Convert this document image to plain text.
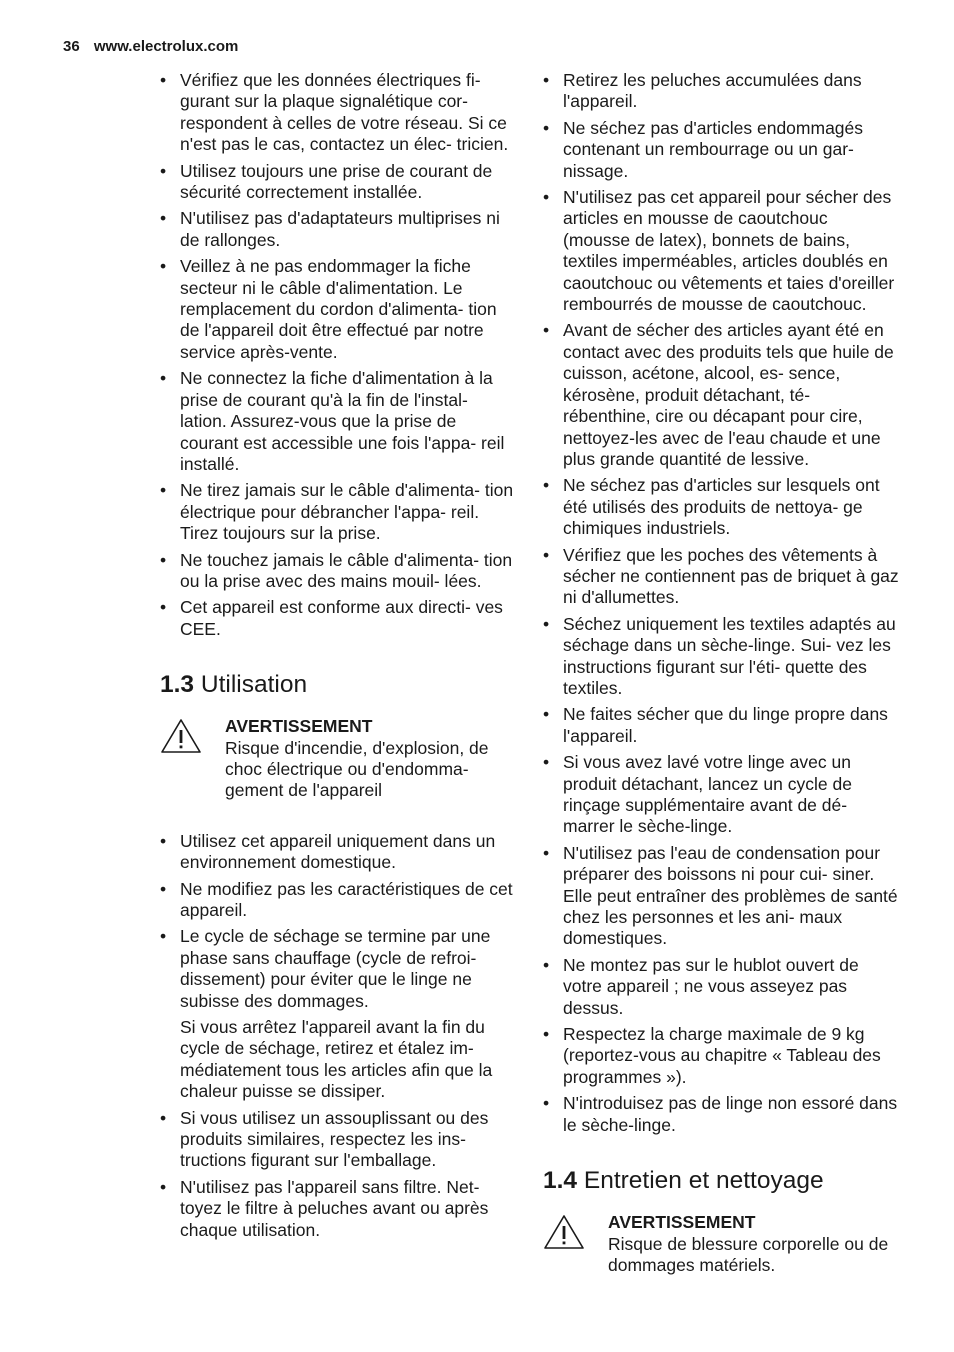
36 www.electrolux.com
• Vérifiez que les données électriques fi- gurant sur la plaque signalétique cor- respondent à celles de votre réseau. Si ce n'est pas le cas, contactez un élec- tricien.
• Utilisez toujours une prise de courant de sécurité correctement installée.
• N'utilisez pas d'adaptateurs multiprises ni de rallonges.
• Veillez à ne pas endommager la fiche secteur ni le câble d'alimentation. Le remplacement du cordon d'alimenta- tion de l'appareil doit être effectué par notre service après-vente.
• Ne connectez la fiche d'alimentation à la prise de courant qu'à la fin de l'instal- lation. Assurez-vous que la prise de courant est accessible une fois l'appa- reil installé.
• Ne tirez jamais sur le câble d'alimenta- tion électrique pour débrancher l'appa- reil. Tirez toujours sur la prise.
• Ne touchez jamais le câble d'alimenta- tion ou la prise avec des mains mouil- lées.
• Cet appareil est conforme aux directi- ves CEE.
1.3 Utilisation
AVERTISSEMENT
Risque d'incendie, d'explosion, de choc électrique ou d'endomma- gement de l'appareil
• Utilisez cet appareil uniquement dans un environnement domestique.
• Ne modifiez pas les caractéristiques de cet appareil.
• Le cycle de séchage se termine par une phase sans chauffage (cycle de refroi- dissement) pour éviter que le linge ne subisse des dommages.
Si vous arrêtez l'appareil avant la fin du cycle de séchage, retirez et étalez im- médiatement tous les articles afin que la chaleur puisse se dissiper.
• Si vous utilisez un assouplissant ou des produits similaires, respectez les ins- tructions figurant sur l'emballage.
• N'utilisez pas l'appareil sans filtre. Net- toyez le filtre à peluches avant ou après chaque utilisation.
• Retirez les peluches accumulées dans l'appareil.
• Ne séchez pas d'articles endommagés contenant un rembourrage ou un gar- nissage.
• N'utilisez pas cet appareil pour sécher des articles en mousse de caoutchouc (mousse de latex), bonnets de bains, textiles imperméables, articles doublés en caoutchouc ou vêtements et taies d'oreiller rembourrés de mousse de caoutchouc.
• Avant de sécher des articles ayant été en contact avec des produits tels que huile de cuisson, acétone, alcool, es- sence, kérosène, produit détachant, té- rébenthine, cire ou décapant pour cire, nettoyez-les avec de l'eau chaude et une plus grande quantité de lessive.
• Ne séchez pas d'articles sur lesquels ont été utilisés des produits de nettoya- ge chimiques industriels.
• Vérifiez que les poches des vêtements à sécher ne contiennent pas de briquet à gaz ni d'allumettes.
• Séchez uniquement les textiles adaptés au séchage dans un sèche-linge. Sui- vez les instructions figurant sur l'éti- quette des textiles.
• Ne faites sécher que du linge propre dans l'appareil.
• Si vous avez lavé votre linge avec un produit détachant, lancez un cycle de rinçage supplémentaire avant de dé- marrer le sèche-linge.
• N'utilisez pas l'eau de condensation pour préparer des boissons ni pour cui- siner. Elle peut entraîner des problèmes de santé chez les personnes et les ani- maux domestiques.
• Ne montez pas sur le hublot ouvert de votre appareil ; ne vous asseyez pas dessus.
• Respectez la charge maximale de 9 kg (reportez-vous au chapitre « Tableau des programmes »).
• N'introduisez pas de linge non essoré dans le sèche-linge.
1.4 Entretien et nettoyage
AVERTISSEMENT
Risque de blessure corporelle ou de dommages matériels.
